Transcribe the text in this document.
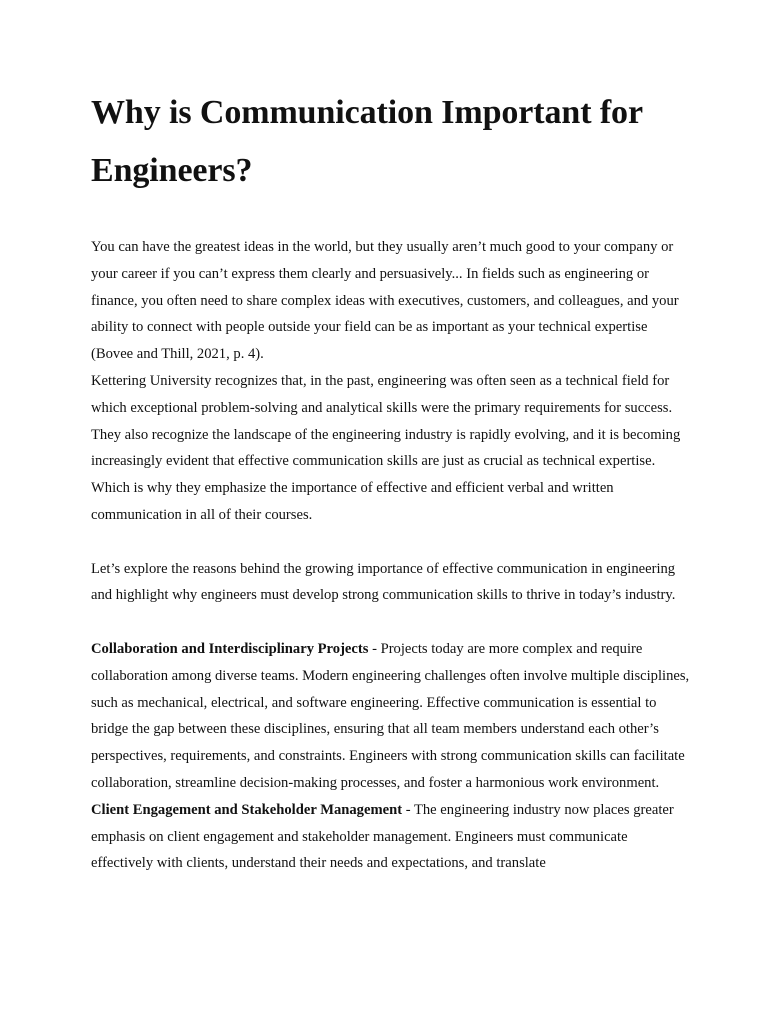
Why is Communication Important for Engineers?

You can have the greatest ideas in the world, but they usually aren’t much good to your company or your career if you can’t express them clearly and persuasively... In fields such as engineering or finance, you often need to share complex ideas with executives, customers, and colleagues, and your ability to connect with people outside your field can be as important as your technical expertise (Bovee and Thill, 2021, p. 4).

Kettering University recognizes that, in the past, engineering was often seen as a technical field for which exceptional problem-solving and analytical skills were the primary requirements for success. They also recognize the landscape of the engineering industry is rapidly evolving, and it is becoming increasingly evident that effective communication skills are just as crucial as technical expertise. Which is why they emphasize the importance of effective and efficient verbal and written communication in all of their courses.

Let’s explore the reasons behind the growing importance of effective communication in engineering and highlight why engineers must develop strong communication skills to thrive in today’s industry.

Collaboration and Interdisciplinary Projects - Projects today are more complex and require collaboration among diverse teams. Modern engineering challenges often involve multiple disciplines, such as mechanical, electrical, and software engineering. Effective communication is essential to bridge the gap between these disciplines, ensuring that all team members understand each other’s perspectives, requirements, and constraints. Engineers with strong communication skills can facilitate collaboration, streamline decision-making processes, and foster a harmonious work environment.

Client Engagement and Stakeholder Management - The engineering industry now places greater emphasis on client engagement and stakeholder management. Engineers must communicate effectively with clients, understand their needs and expectations, and translate
